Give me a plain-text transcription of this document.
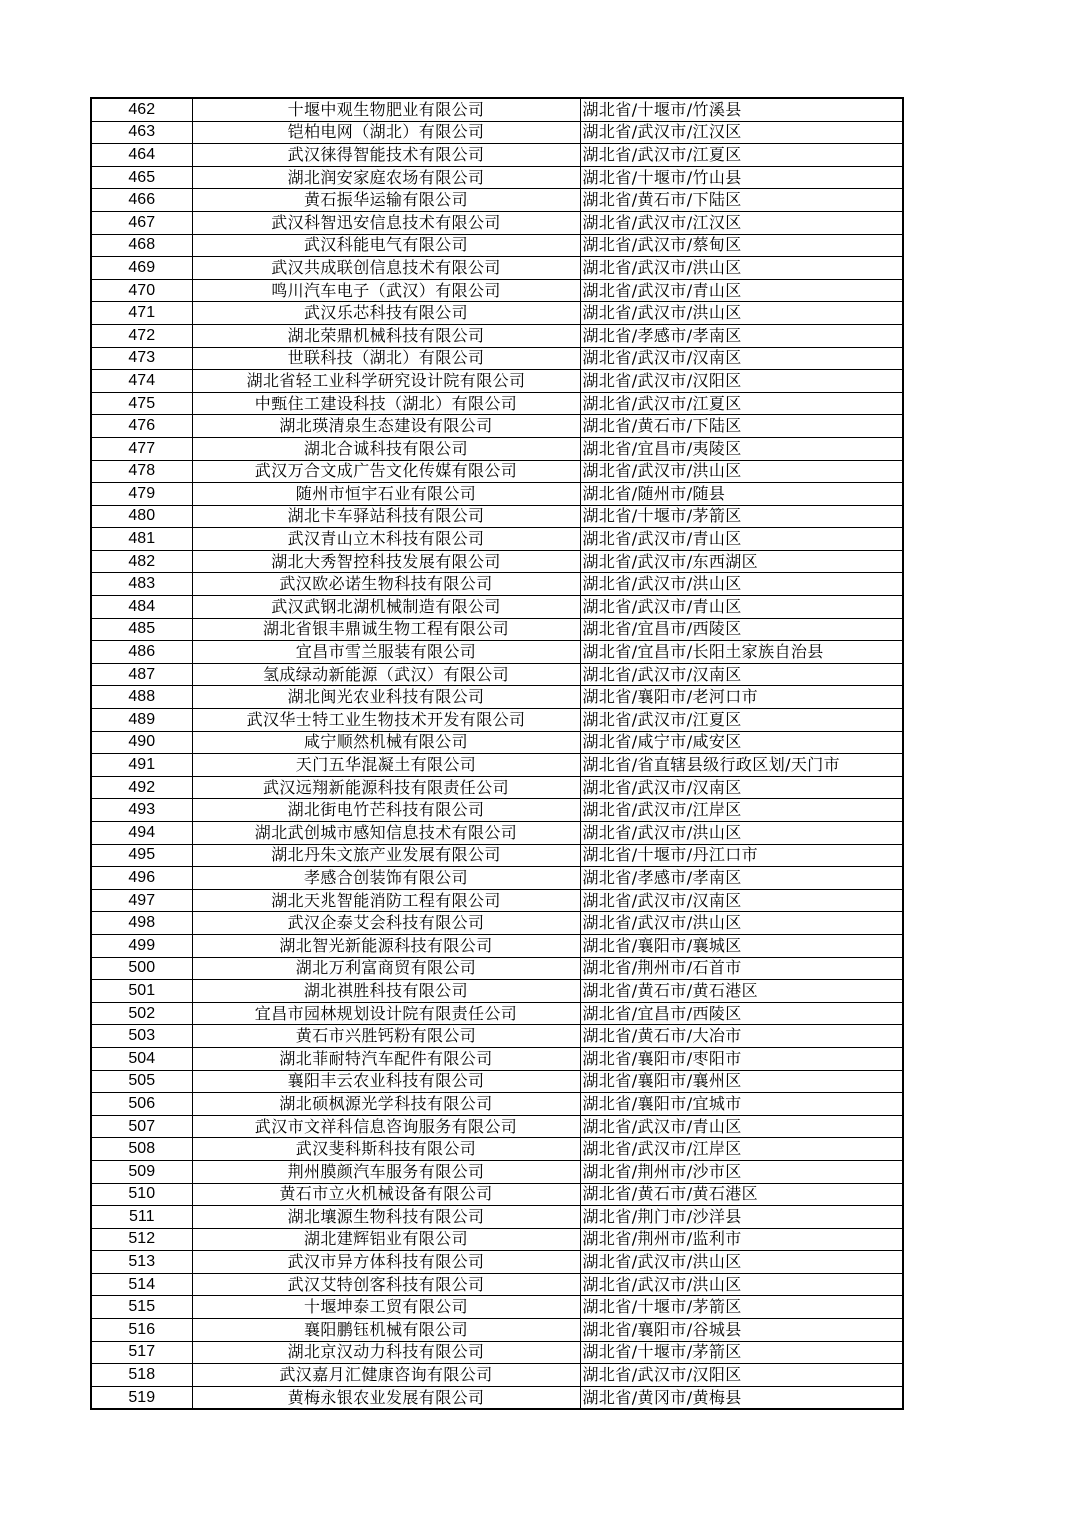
462	十堰中观生物肥业有限公司	湖北省/十堰市/竹溪县
463	铠柏电网（湖北）有限公司	湖北省/武汉市/江汉区
464	武汉徕得智能技术有限公司	湖北省/武汉市/江夏区
465	湖北润安家庭农场有限公司	湖北省/十堰市/竹山县
466	黄石振华运输有限公司	湖北省/黄石市/下陆区
467	武汉科智迅安信息技术有限公司	湖北省/武汉市/江汉区
468	武汉科能电气有限公司	湖北省/武汉市/蔡甸区
469	武汉共成联创信息技术有限公司	湖北省/武汉市/洪山区
470	鸣川汽车电子（武汉）有限公司	湖北省/武汉市/青山区
471	武汉乐芯科技有限公司	湖北省/武汉市/洪山区
472	湖北荣鼎机械科技有限公司	湖北省/孝感市/孝南区
473	世联科技（湖北）有限公司	湖北省/武汉市/汉南区
474	湖北省轻工业科学研究设计院有限公司	湖北省/武汉市/汉阳区
475	中甄住工建设科技（湖北）有限公司	湖北省/武汉市/江夏区
476	湖北瑛清泉生态建设有限公司	湖北省/黄石市/下陆区
477	湖北合诚科技有限公司	湖北省/宜昌市/夷陵区
478	武汉万合文成广告文化传媒有限公司	湖北省/武汉市/洪山区
479	随州市恒宇石业有限公司	湖北省/随州市/随县
480	湖北卡车驿站科技有限公司	湖北省/十堰市/茅箭区
481	武汉青山立木科技有限公司	湖北省/武汉市/青山区
482	湖北大秀智控科技发展有限公司	湖北省/武汉市/东西湖区
483	武汉欧必诺生物科技有限公司	湖北省/武汉市/洪山区
484	武汉武钢北湖机械制造有限公司	湖北省/武汉市/青山区
485	湖北省银丰鼎诚生物工程有限公司	湖北省/宜昌市/西陵区
486	宜昌市雪兰服装有限公司	湖北省/宜昌市/长阳土家族自治县
487	氢成绿动新能源（武汉）有限公司	湖北省/武汉市/汉南区
488	湖北闽光农业科技有限公司	湖北省/襄阳市/老河口市
489	武汉华士特工业生物技术开发有限公司	湖北省/武汉市/江夏区
490	咸宁顺然机械有限公司	湖北省/咸宁市/咸安区
491	天门五华混凝土有限公司	湖北省/省直辖县级行政区划/天门市
492	武汉远翔新能源科技有限责任公司	湖北省/武汉市/汉南区
493	湖北街电竹芒科技有限公司	湖北省/武汉市/江岸区
494	湖北武创城市感知信息技术有限公司	湖北省/武汉市/洪山区
495	湖北丹朱文旅产业发展有限公司	湖北省/十堰市/丹江口市
496	孝感合创装饰有限公司	湖北省/孝感市/孝南区
497	湖北天兆智能消防工程有限公司	湖北省/武汉市/汉南区
498	武汉企泰艾会科技有限公司	湖北省/武汉市/洪山区
499	湖北智光新能源科技有限公司	湖北省/襄阳市/襄城区
500	湖北万利富商贸有限公司	湖北省/荆州市/石首市
501	湖北祺胜科技有限公司	湖北省/黄石市/黄石港区
502	宜昌市园林规划设计院有限责任公司	湖北省/宜昌市/西陵区
503	黄石市兴胜钙粉有限公司	湖北省/黄石市/大冶市
504	湖北菲耐特汽车配件有限公司	湖北省/襄阳市/枣阳市
505	襄阳丰云农业科技有限公司	湖北省/襄阳市/襄州区
506	湖北硕枫源光学科技有限公司	湖北省/襄阳市/宜城市
507	武汉市文祥科信息咨询服务有限公司	湖北省/武汉市/青山区
508	武汉斐科斯科技有限公司	湖北省/武汉市/江岸区
509	荆州膜颜汽车服务有限公司	湖北省/荆州市/沙市区
510	黄石市立火机械设备有限公司	湖北省/黄石市/黄石港区
511	湖北壤源生物科技有限公司	湖北省/荆门市/沙洋县
512	湖北建辉铝业有限公司	湖北省/荆州市/监利市
513	武汉市异方体科技有限公司	湖北省/武汉市/洪山区
514	武汉艾特创客科技有限公司	湖北省/武汉市/洪山区
515	十堰坤泰工贸有限公司	湖北省/十堰市/茅箭区
516	襄阳鹏钰机械有限公司	湖北省/襄阳市/谷城县
517	湖北京汉动力科技有限公司	湖北省/十堰市/茅箭区
518	武汉嘉月汇健康咨询有限公司	湖北省/武汉市/汉阳区
519	黄梅永银农业发展有限公司	湖北省/黄冈市/黄梅县
